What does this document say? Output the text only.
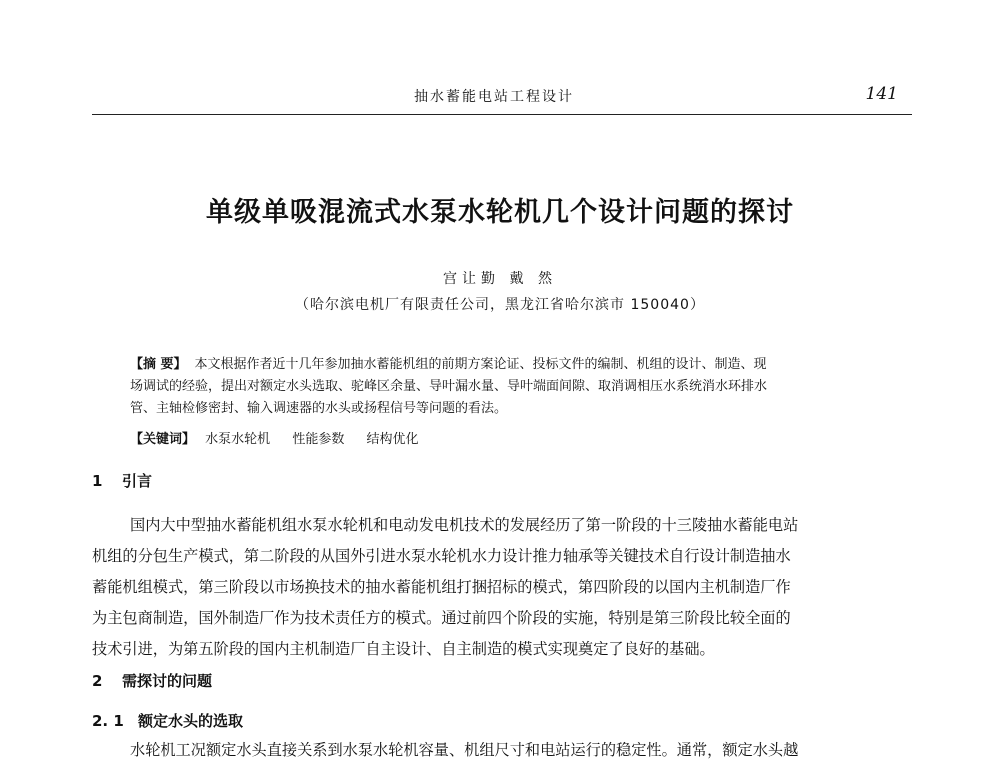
抽水蓄能电站工程设计	141
单级单吸混流式水泵水轮机几个设计问题的探讨
宫让勤 戴 然
（哈尔滨电机厂有限责任公司，黑龙江省哈尔滨市 150040）
【摘 要】 本文根据作者近十几年参加抽水蓄能机组的前期方案论证、投标文件的编制、机组的设计、制造、现
场调试的经验，提出对额定水头选取、驼峰区余量、导叶漏水量、导叶端面间隙、取消调相压水系统消水环排水
管、主轴检修密封、输入调速器的水头或扬程信号等问题的看法。
【关键词】 水泵水轮机 性能参数 结构优化
1 引言
国内大中型抽水蓄能机组水泵水轮机和电动发电机技术的发展经历了第一阶段的十三陵抽水蓄能电站
机组的分包生产模式，第二阶段的从国外引进水泵水轮机水力设计推力轴承等关键技术自行设计制造抽水
蓄能机组模式，第三阶段以市场换技术的抽水蓄能机组打捆招标的模式，第四阶段的以国内主机制造厂作
为主包商制造，国外制造厂作为技术责任方的模式。通过前四个阶段的实施，特别是第三阶段比较全面的
技术引进，为第五阶段的国内主机制造厂自主设计、自主制造的模式实现奠定了良好的基础。
2 需探讨的问题
2. 1 额定水头的选取
水轮机工况额定水头直接关系到水泵水轮机容量、机组尺寸和电站运行的稳定性。通常，额定水头越
